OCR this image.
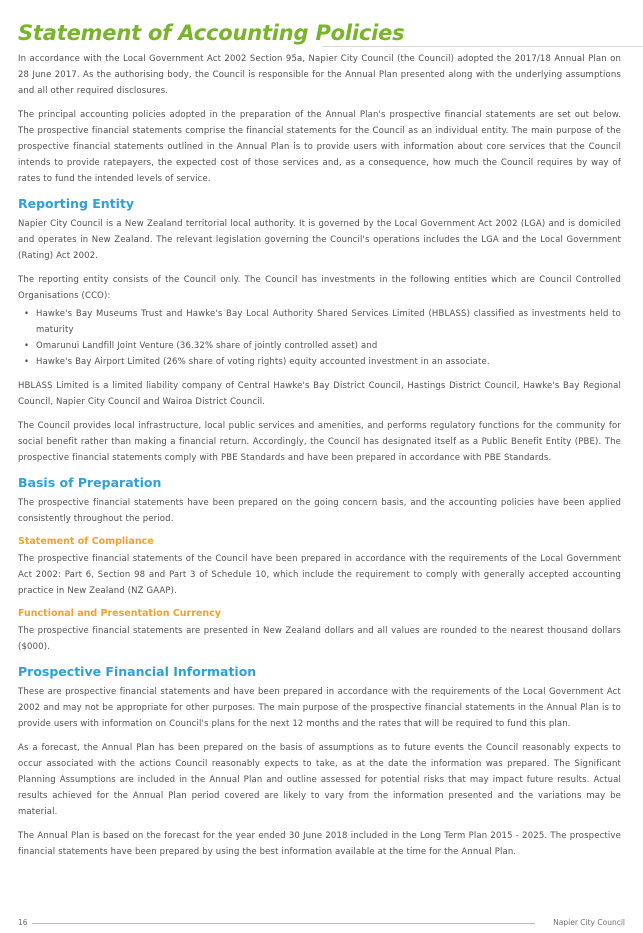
Statement of Accounting Policies

In accordance with the Local Government Act 2002 Section 95a, Napier City Council (the Council) adopted the 2017/18 Annual Plan on 28 June 2017. As the authorising body, the Council is responsible for the Annual Plan presented along with the underlying assumptions and all other required disclosures.

The principal accounting policies adopted in the preparation of the Annual Plan's prospective financial statements are set out below. The prospective financial statements comprise the financial statements for the Council as an individual entity. The main purpose of the prospective financial statements outlined in the Annual Plan is to provide users with information about core services that the Council intends to provide ratepayers, the expected cost of those services and, as a consequence, how much the Council requires by way of rates to fund the intended levels of service.

Reporting Entity

Napier City Council is a New Zealand territorial local authority. It is governed by the Local Government Act 2002 (LGA) and is domiciled and operates in New Zealand. The relevant legislation governing the Council's operations includes the LGA and the Local Government (Rating) Act 2002.

The reporting entity consists of the Council only. The Council has investments in the following entities which are Council Controlled Organisations (CCO):

• Hawke's Bay Museums Trust and Hawke's Bay Local Authority Shared Services Limited (HBLASS) classified as investments held to maturity
• Omarunui Landfill Joint Venture (36.32% share of jointly controlled asset) and
• Hawke's Bay Airport Limited (26% share of voting rights) equity accounted investment in an associate.

HBLASS Limited is a limited liability company of Central Hawke's Bay District Council, Hastings District Council, Hawke's Bay Regional Council, Napier City Council and Wairoa District Council.

The Council provides local infrastructure, local public services and amenities, and performs regulatory functions for the community for social benefit rather than making a financial return. Accordingly, the Council has designated itself as a Public Benefit Entity (PBE). The prospective financial statements comply with PBE Standards and have been prepared in accordance with PBE Standards.

Basis of Preparation

The prospective financial statements have been prepared on the going concern basis, and the accounting policies have been applied consistently throughout the period.

Statement of Compliance

The prospective financial statements of the Council have been prepared in accordance with the requirements of the Local Government Act 2002: Part 6, Section 98 and Part 3 of Schedule 10, which include the requirement to comply with generally accepted accounting practice in New Zealand (NZ GAAP).

Functional and Presentation Currency

The prospective financial statements are presented in New Zealand dollars and all values are rounded to the nearest thousand dollars ($000).

Prospective Financial Information

These are prospective financial statements and have been prepared in accordance with the requirements of the Local Government Act 2002 and may not be appropriate for other purposes. The main purpose of the prospective financial statements in the Annual Plan is to provide users with information on Council's plans for the next 12 months and the rates that will be required to fund this plan.

As a forecast, the Annual Plan has been prepared on the basis of assumptions as to future events the Council reasonably expects to occur associated with the actions Council reasonably expects to take, as at the date the information was prepared. The Significant Planning Assumptions are included in the Annual Plan and outline assessed for potential risks that may impact future results. Actual results achieved for the Annual Plan period covered are likely to vary from the information presented and the variations may be material.

The Annual Plan is based on the forecast for the year ended 30 June 2018 included in the Long Term Plan 2015 - 2025. The prospective financial statements have been prepared by using the best information available at the time for the Annual Plan.

16	Napier City Council
